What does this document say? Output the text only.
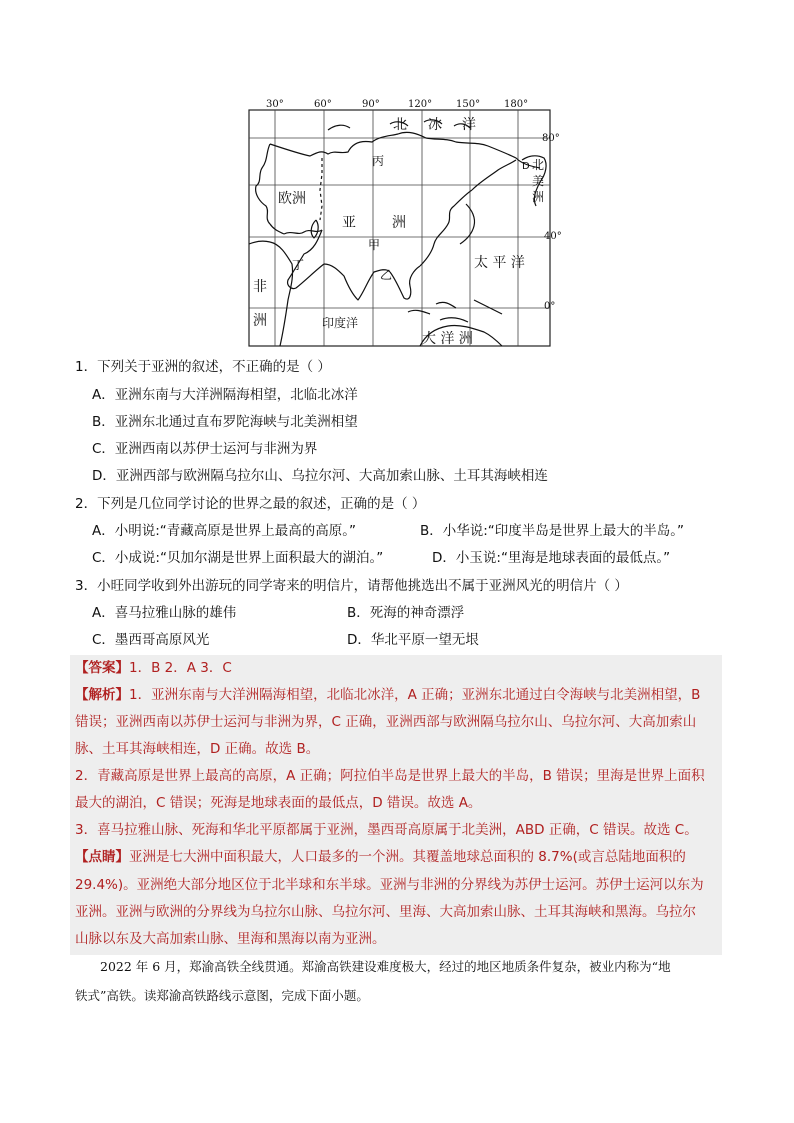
30°	60°	90°	120° 150° 180°
80°
40°
0°
北 冰 洋
丙	D 北
美
洲
欧洲
亚	洲
甲
丁
乙
太 平 洋
非
洲	印度洋
大 洋 洲
1．下列关于亚洲的叙述，不正确的是（ ）
A．亚洲东南与大洋洲隔海相望，北临北冰洋
B．亚洲东北通过直布罗陀海峡与北美洲相望
C．亚洲西南以苏伊士运河与非洲为界
D．亚洲西部与欧洲隔乌拉尔山、乌拉尔河、大高加索山脉、土耳其海峡相连
2．下列是几位同学讨论的世界之最的叙述，正确的是（ ）
A．小明说:“青藏高原是世界上最高的高原。”	B．小华说:“印度半岛是世界上最大的半岛。”
C．小成说:“贝加尔湖是世界上面积最大的湖泊。”	D．小玉说:“里海是地球表面的最低点。”
3．小旺同学收到外出游玩的同学寄来的明信片，请帮他挑选出不属于亚洲风光的明信片（ ）
A．喜马拉雅山脉的雄伟	B．死海的神奇漂浮
C．墨西哥高原风光	D．华北平原一望无垠
【答案】1．B 2．A 3．C
【解析】1．亚洲东南与大洋洲隔海相望，北临北冰洋，A 正确；亚洲东北通过白令海峡与北美洲相望，B
错误；亚洲西南以苏伊士运河与非洲为界，C 正确，亚洲西部与欧洲隔乌拉尔山、乌拉尔河、大高加索山
脉、土耳其海峡相连，D 正确。故选 B。
2．青藏高原是世界上最高的高原，A 正确；阿拉伯半岛是世界上最大的半岛，B 错误；里海是世界上面积
最大的湖泊，C 错误；死海是地球表面的最低点，D 错误。故选 A。
3．喜马拉雅山脉、死海和华北平原都属于亚洲，墨西哥高原属于北美洲，ABD 正确，C 错误。故选 C。
【点睛】亚洲是七大洲中面积最大，人口最多的一个洲。其覆盖地球总面积的 8.7%(或言总陆地面积的
29.4%)。亚洲绝大部分地区位于北半球和东半球。亚洲与非洲的分界线为苏伊士运河。苏伊士运河以东为
亚洲。亚洲与欧洲的分界线为乌拉尔山脉、乌拉尔河、里海、大高加索山脉、土耳其海峡和黑海。乌拉尔
山脉以东及大高加索山脉、里海和黑海以南为亚洲。
2022 年 6 月，郑渝高铁全线贯通。郑渝高铁建设难度极大，经过的地区地质条件复杂，被业内称为“地
铁式”高铁。读郑渝高铁路线示意图，完成下面小题。
